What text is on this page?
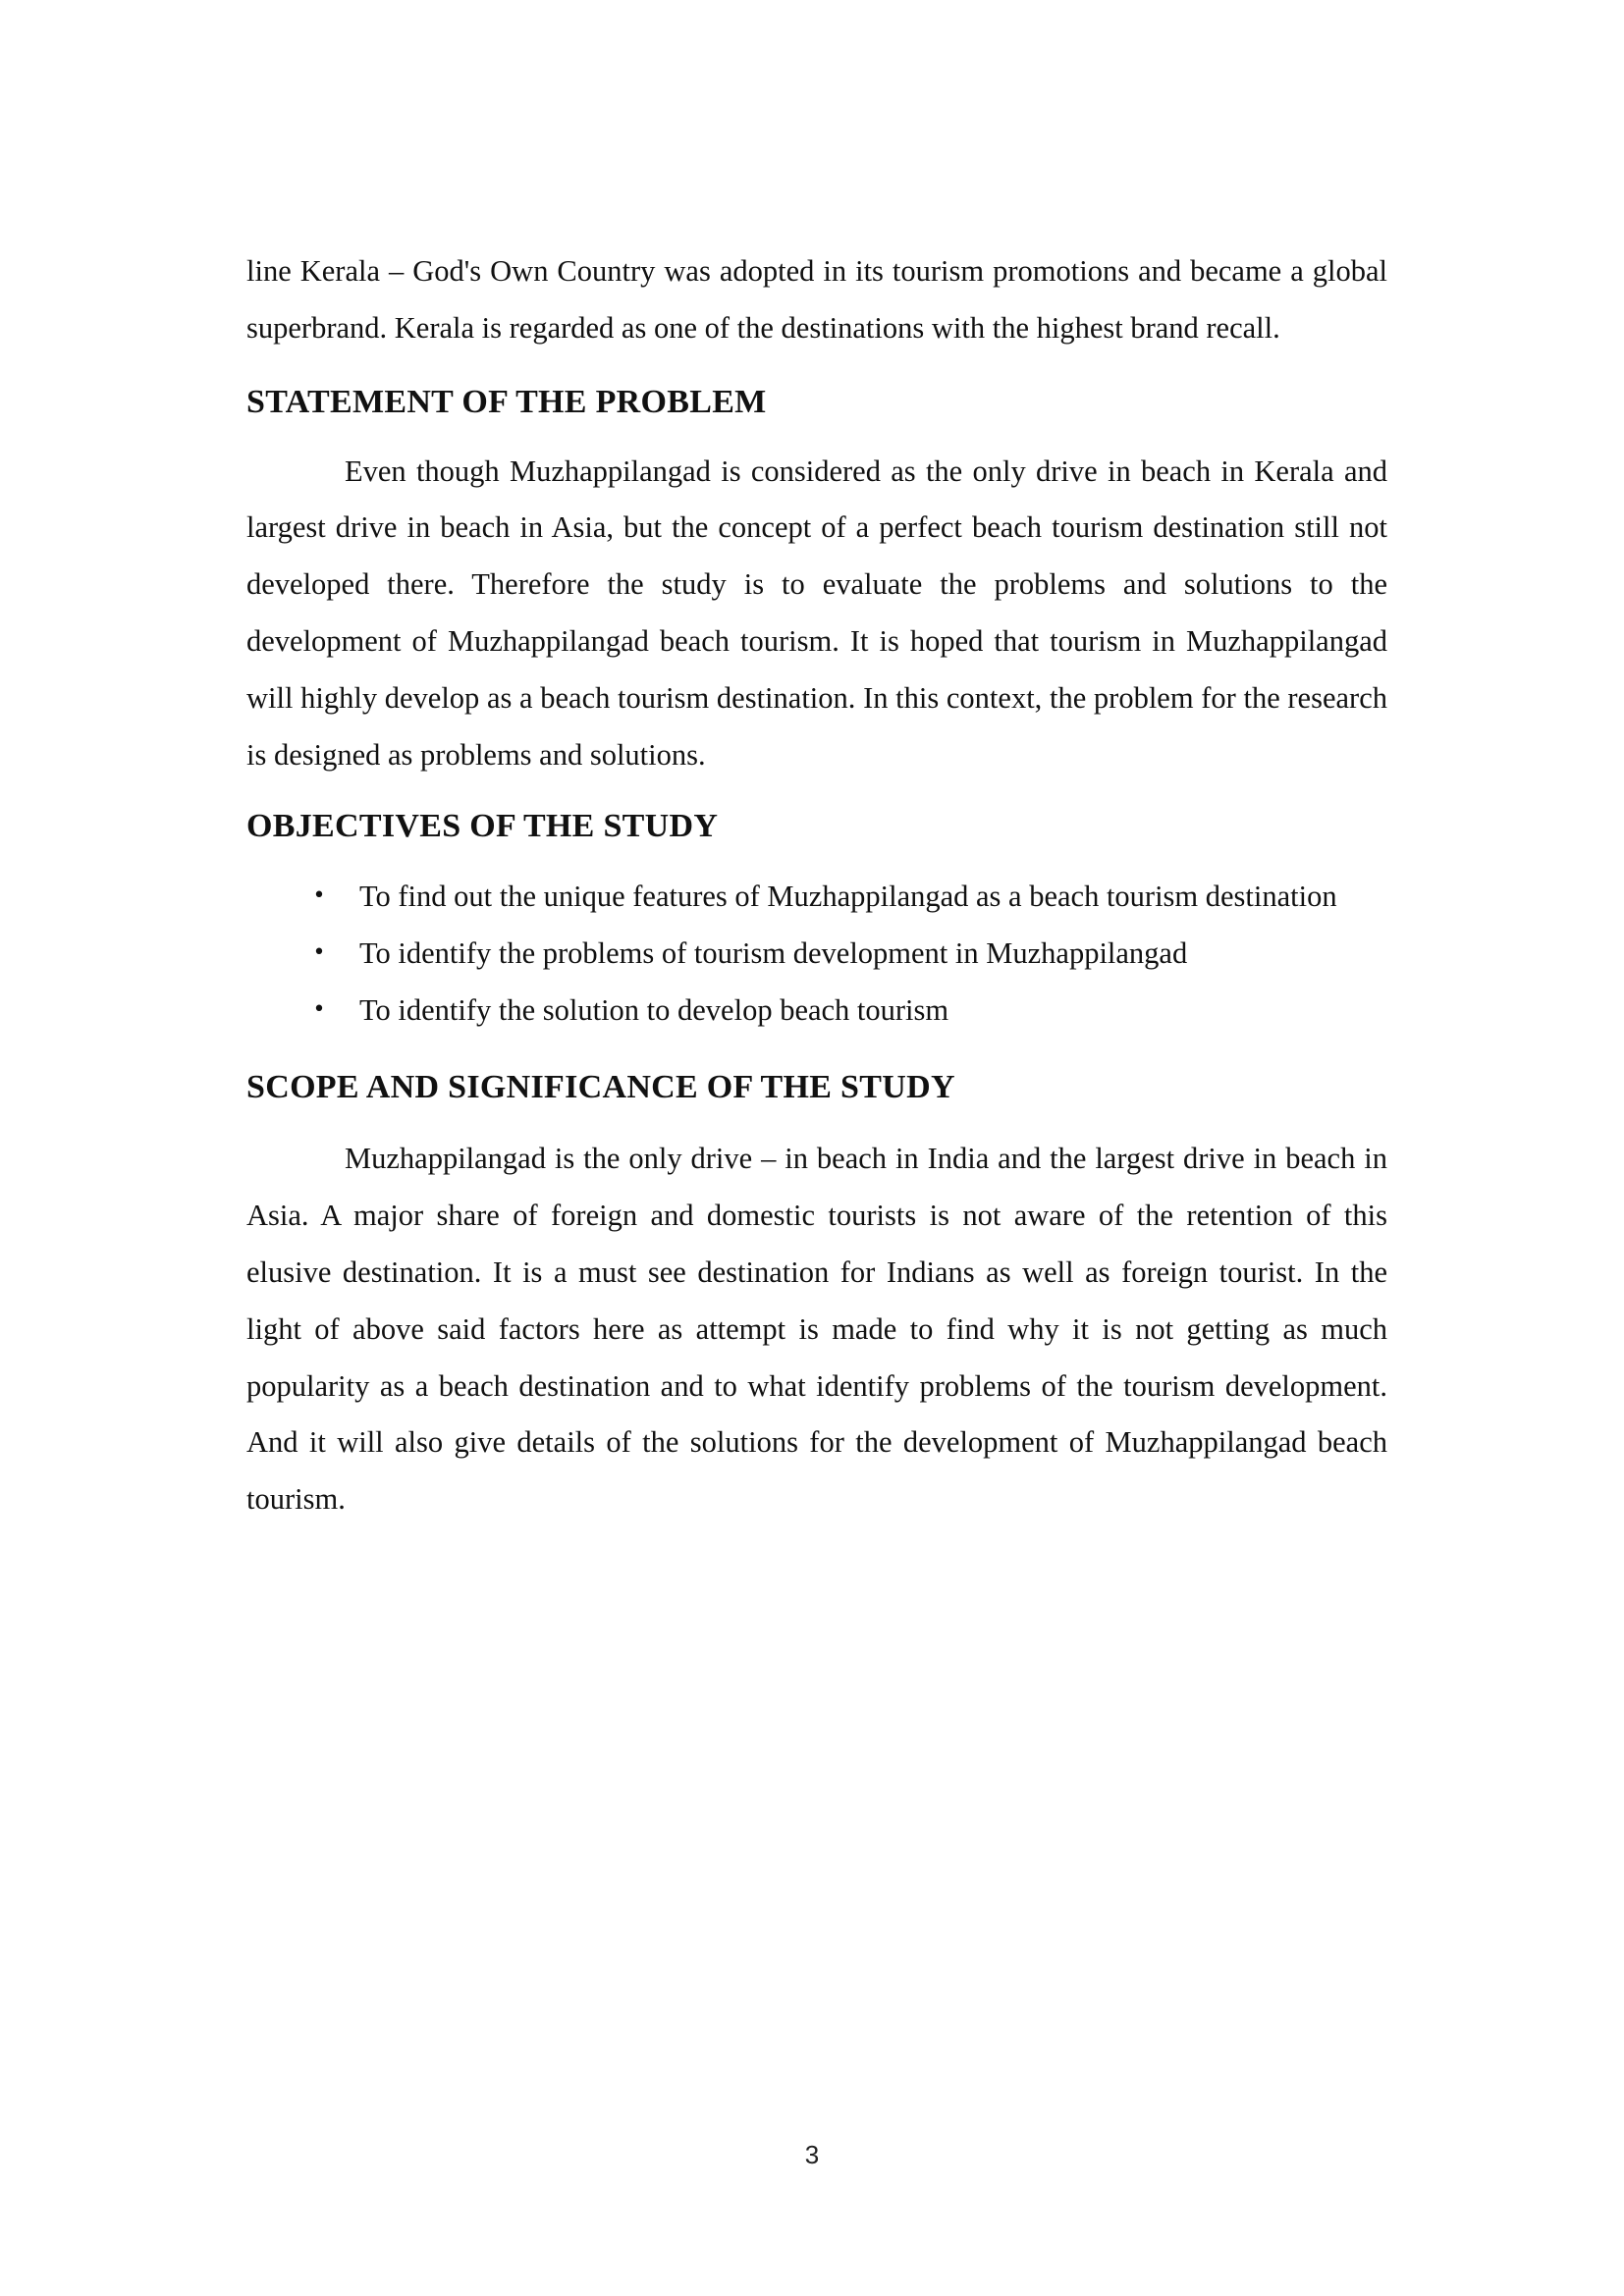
line Kerala – God's Own Country was adopted in its tourism promotions and became a global superbrand. Kerala is regarded as one of the destinations with the highest brand recall.

STATEMENT OF THE PROBLEM

Even though Muzhappilangad is considered as the only drive in beach in Kerala and largest drive in beach in Asia, but the concept of a perfect beach tourism destination still not developed there. Therefore the study is to evaluate the problems and solutions to the development of Muzhappilangad beach tourism. It is hoped that tourism in Muzhappilangad will highly develop as a beach tourism destination. In this context, the problem for the research is designed as problems and solutions.

OBJECTIVES OF THE STUDY
• To find out the unique features of Muzhappilangad as a beach tourism destination
• To identify the problems of tourism development in Muzhappilangad
• To identify the solution to develop beach tourism
SCOPE AND SIGNIFICANCE OF THE STUDY

Muzhappilangad is the only drive – in beach in India and the largest drive in beach in Asia. A major share of foreign and domestic tourists is not aware of the retention of this elusive destination. It is a must see destination for Indians as well as foreign tourist. In the light of above said factors here as attempt is made to find why it is not getting as much popularity as a beach destination and to what identify problems of the tourism development. And it will also give details of the solutions for the development of Muzhappilangad beach tourism.

3
